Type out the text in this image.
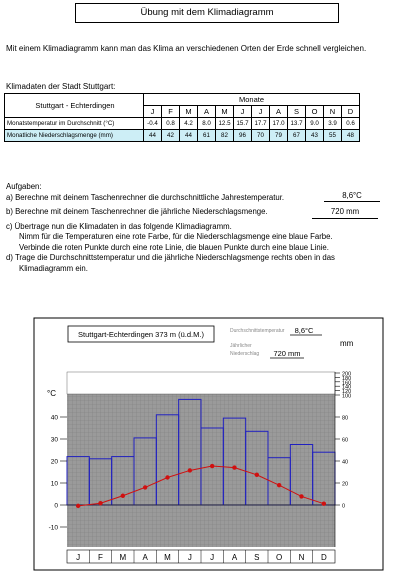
Übung mit dem Klimadiagramm
Mit einem Klimadiagramm kann man das Klima an verschiedenen Orten der Erde schnell vergleichen.
Klimadaten der Stadt Stuttgart:
Stuttgart - Echterdingen	Monate											
	J	F	M	A	M	J	J	A	S	O	N	D
Monatstemperatur im Durchschnitt (°C)	-0.4	0.8	4.2	8.0	12.5	15.7	17.7	17.0	13.7	9.0	3.9	0.6
Monatliche Niederschlagsmenge (mm)	44	42	44	61	82	96	70	79	67	43	55	48
Aufgaben:
a) Berechne mit deinem Taschenrechner die durchschnittliche Jahrestemperatur.	8,6°C
b) Berechne mit deinem Taschenrechner die jährliche Niederschlagsmenge.	720 mm
c) Übertrage nun die Klimadaten in das folgende Klimadiagramm.
Nimm für die Temperaturen eine rote Farbe, für die Niederschlagsmenge eine blaue Farbe.
Verbinde die roten Punkte durch eine rote Linie, die blauen Punkte durch eine blaue Linie.
d) Trage die Durchschnittstemperatur und die jährliche Niederschlagsmenge rechts oben in das
Klimadiagramm ein.
Stuttgart-Echterdingen 373 m (ü.d.M.)	Durchschnittstemperatur 8,6°C
Jährlicher
Niederschlag 720 mm
°C
mm
-10
0
10
20
30
40
0
20
40
60
80
100
120
140
160
180
200
J F M A M J J A S O N D
